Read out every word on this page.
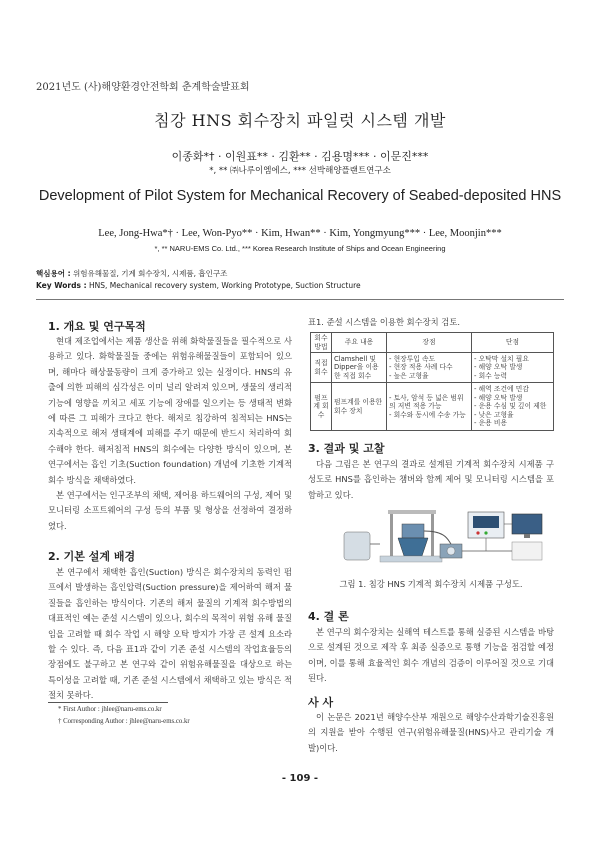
2021년도 (사)해양환경안전학회 춘계학술발표회
침강 HNS 회수장치 파일럿 시스템 개발
이종화*† · 이원표** · 김환** · 김용명*** · 이문진***
*, ** ㈜나루이엠에스, *** 선박해양플랜트연구소
Development of Pilot System for Mechanical Recovery of Seabed-deposited HNS
Lee, Jong-Hwa*† · Lee, Won-Pyo** · Kim, Hwan** · Kim, Yongmyung*** · Lee, Moonjin***
*, ** NARU-EMS Co. Ltd., *** Korea Research Institute of Ships and Ocean Engineering
핵심용어 : 위험유해물질, 기계 회수장치, 시제품, 흡인구조
Key Words : HNS, Mechanical recovery system, Working Prototype, Suction Structure
1. 개요 및 연구목적
현대 제조업에서는 제품 생산을 위해 화학물질들을 필수적으로 사용하고 있다. 화학물질들 중에는 위험유해물질들이 포함되어 있으며, 해마다 해상물동량이 크게 증가하고 있는 실정이다. HNS의 유출에 의한 피해의 심각성은 이미 널리 알려져 있으며, 생물의 생리적 기능에 영향을 끼치고 세포 기능에 장애를 일으키는 등 생태적 변화에 따른 그 피해가 크다고 한다. 해저로 침강하여 침적되는 HNS는 지속적으로 해저 생태계에 피해를 주기 때문에 반드시 처리하여 회수해야 한다. 해저침적 HNS의 회수에는 다양한 방식이 있으며, 본 연구에서는 흡인 기초(Suction foundation) 개념에 기초한 기계적 회수 방식을 채택하였다.
본 연구에서는 인구조부의 채택, 제어용 하드웨어의 구성, 제어 및 모니터링 소프트웨어의 구성 등의 부품 및 형상을 선정하여 결정하였다.
2. 기본 설계 배경
본 연구에서 채택한 흡인(Suction) 방식은 회수장치의 동력인 펌프에서 발생하는 흡인압력(Suction pressure)을 제어하여 해저 물질들을 흡인하는 방식이다. 기존의 해저 물질의 기계적 회수방법의 대표적인 예는 준설 시스템이 있으나, 회수의 목적이 위험 유해 물질임을 고려할 때 회수 작업 시 해양 오탁 방지가 가장 큰 설계 요소라 할 수 있다. 즉, 다음 표1과 같이 기존 준설 시스템의 작업효율등의 장점에도 불구하고 본 연구와 같이 위험유해물질을 대상으로 하는 특이성을 고려할 때, 기존 준설 시스템에서 채택하고 있는 방식은 적절치 못하다.
* First Author : jhlee@naru-ems.co.kr
† Corresponding Author : jhlee@naru-ems.co.kr
표1. 준설 시스템을 이용한 회수장치 검토.
회수 방법	주요 내용	장점	단점
직접 회수	Clamshell 및 Dipper을 이용한 직접 회수	- 현장투입 속도
- 현장 적용 사례 다수
- 높은 고형율	- 오탁막 설치 필요
- 해양 오탁 발생
- 회수 능력
펌프계 회수	펌프계를 이용한 회수 장치	- 토사, 암석 등 넓은 범위의 저변 적용 가능
- 회수와 동시에 수송 가능	- 해역 조건에 민감
- 해양 오탁 발생
- 운용 수심 및 깊이 제한
- 낮은 고형율
- 운용 비용
3. 결과 및 고찰
다음 그림은 본 연구의 결과로 설계된 기계적 회수장치 시제품 구성도로 HNS를 흡인하는 챔버와 함께 제어 및 모니터링 시스템을 포함하고 있다.
그림 1. 침강 HNS 기계적 회수장치 시제품 구성도.
4. 결 론
본 연구의 회수장치는 실해역 테스트를 통해 실증된 시스템을 바탕으로 설계된 것으로 제작 후 최종 실증으로 통행 기능을 점검할 예정이며, 이를 통해 효율적인 회수 개념의 검증이 이루어질 것으로 기대된다.
사 사
이 논문은 2021년 해양수산부 재원으로 해양수산과학기술진흥원의 지원을 받아 수행된 연구(위험유해물질(HNS)사고 관리기술 개발)이다.
- 109 -
